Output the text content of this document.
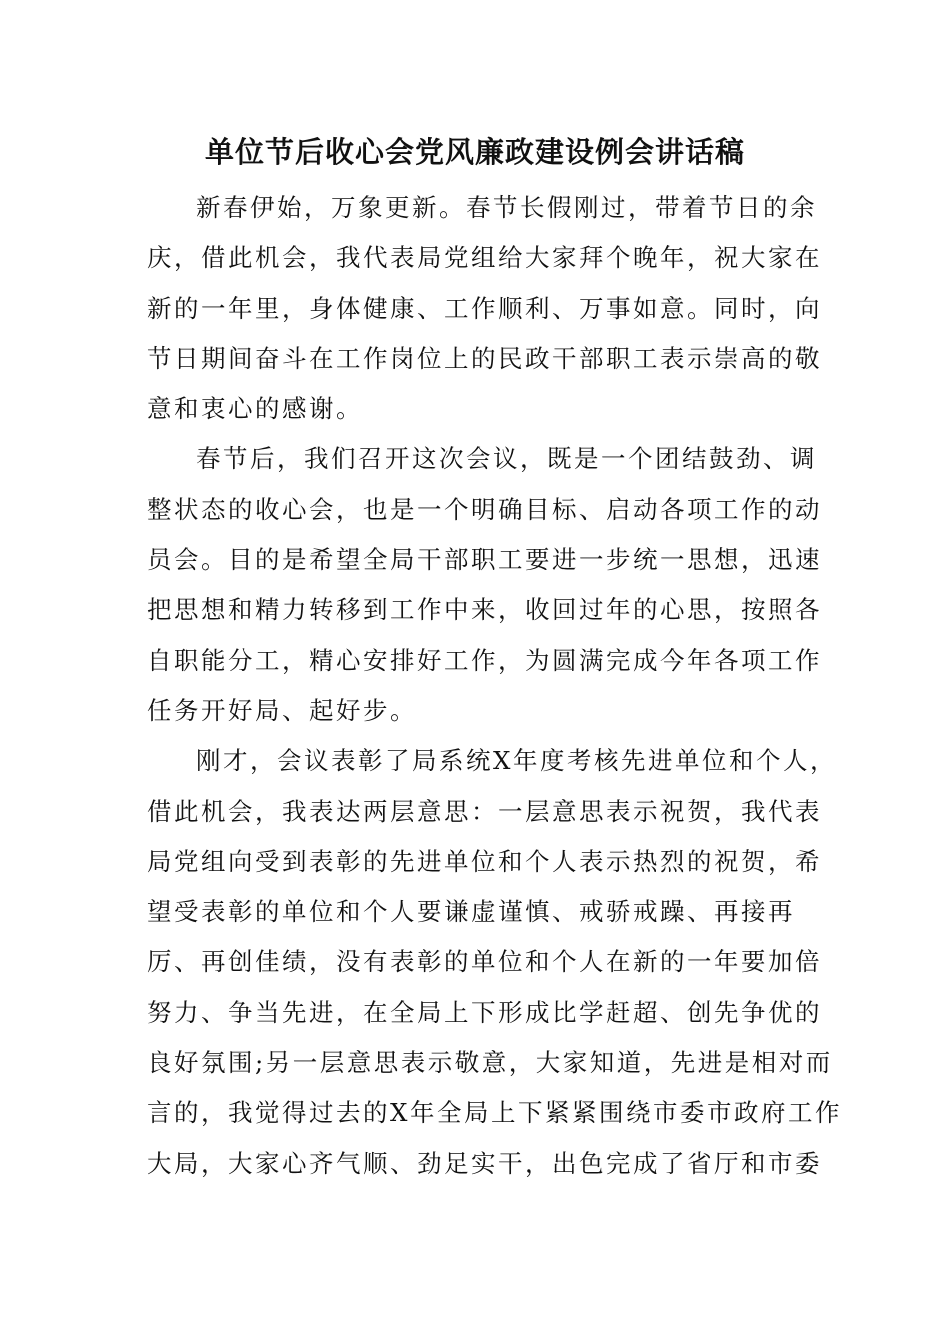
单位节后收心会党风廉政建设例会讲话稿
新春伊始，万象更新。春节长假刚过，带着节日的余
庆，借此机会，我代表局党组给大家拜个晚年，祝大家在
新的一年里，身体健康、工作顺利、万事如意。同时，向
节日期间奋斗在工作岗位上的民政干部职工表示崇高的敬
意和衷心的感谢。
春节后，我们召开这次会议，既是一个团结鼓劲、调
整状态的收心会，也是一个明确目标、启动各项工作的动
员会。目的是希望全局干部职工要进一步统一思想，迅速
把思想和精力转移到工作中来，收回过年的心思，按照各
自职能分工，精心安排好工作，为圆满完成今年各项工作
任务开好局、起好步。
刚才，会议表彰了局系统X年度考核先进单位和个人，
借此机会，我表达两层意思：一层意思表示祝贺，我代表
局党组向受到表彰的先进单位和个人表示热烈的祝贺，希
望受表彰的单位和个人要谦虚谨慎、戒骄戒躁、再接再
厉、再创佳绩，没有表彰的单位和个人在新的一年要加倍
努力、争当先进，在全局上下形成比学赶超、创先争优的
良好氛围;另一层意思表示敬意，大家知道，先进是相对而
言的，我觉得过去的X年全局上下紧紧围绕市委市政府工作
大局，大家心齐气顺、劲足实干，出色完成了省厅和市委
